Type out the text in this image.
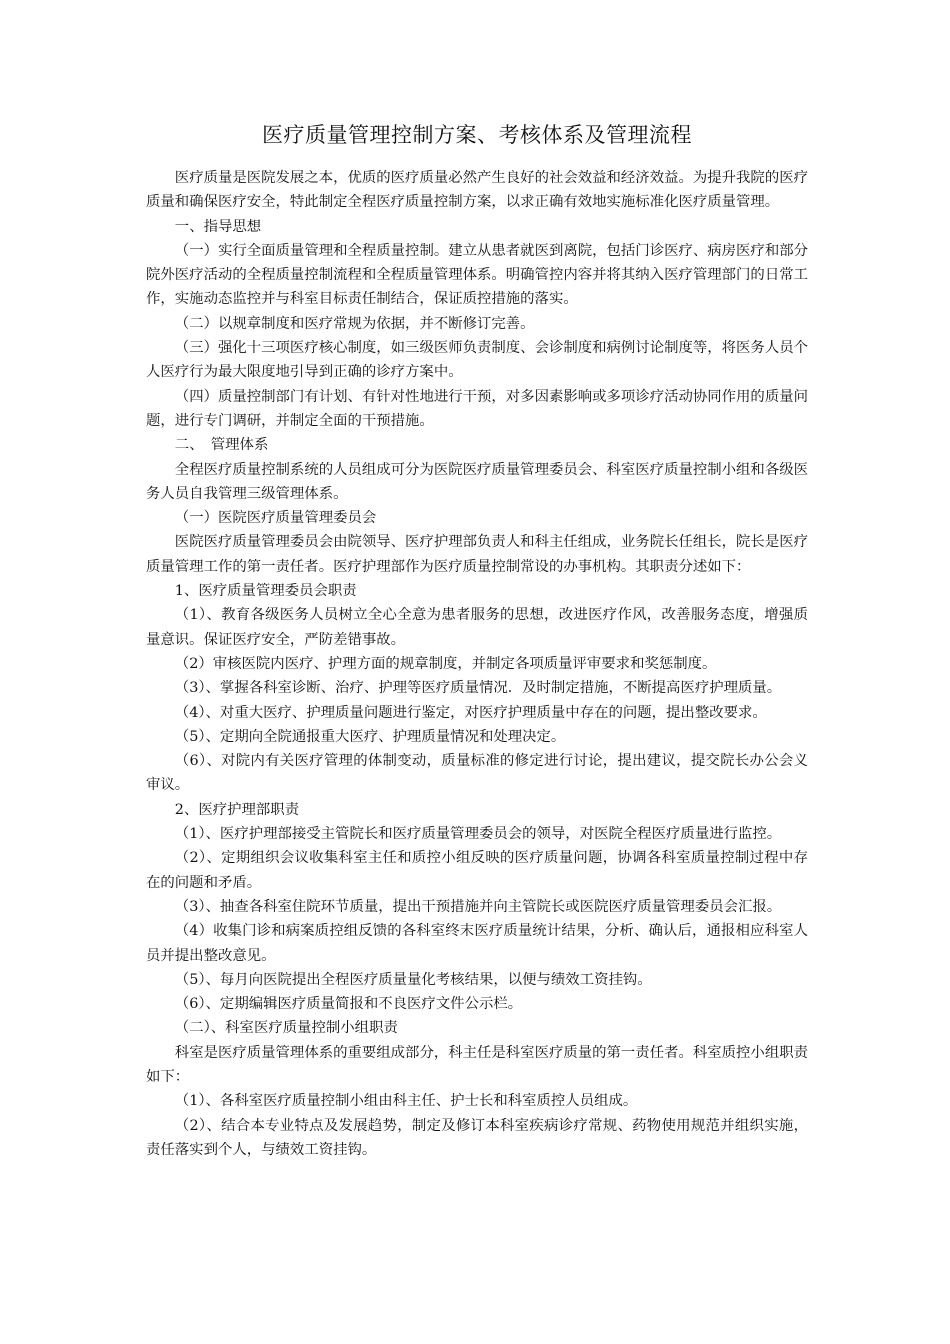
医疗质量管理控制方案、考核体系及管理流程

医疗质量是医院发展之本，优质的医疗质量必然产生良好的社会效益和经济效益。为提升我院的医疗质量和确保医疗安全，特此制定全程医疗质量控制方案，以求正确有效地实施标准化医疗质量管理。

一、指导思想

（一）实行全面质量管理和全程质量控制。建立从患者就医到离院，包括门诊医疗、病房医疗和部分院外医疗活动的全程质量控制流程和全程质量管理体系。明确管控内容并将其纳入医疗管理部门的日常工作，实施动态监控并与科室目标责任制结合，保证质控措施的落实。

（二）以规章制度和医疗常规为依据，并不断修订完善。

（三）强化十三项医疗核心制度，如三级医师负责制度、会诊制度和病例讨论制度等，将医务人员个人医疗行为最大限度地引导到正确的诊疗方案中。

（四）质量控制部门有计划、有针对性地进行干预，对多因素影响或多项诊疗活动协同作用的质量问题，进行专门调研，并制定全面的干预措施。

二、　管理体系

全程医疗质量控制系统的人员组成可分为医院医疗质量管理委员会、科室医疗质量控制小组和各级医务人员自我管理三级管理体系。

（一）医院医疗质量管理委员会

医院医疗质量管理委员会由院领导、医疗护理部负责人和科主任组成，业务院长任组长，院长是医疗质量管理工作的第一责任者。医疗护理部作为医疗质量控制常设的办事机构。其职责分述如下：

1、医疗质量管理委员会职责

（1）、教育各级医务人员树立全心全意为患者服务的思想，改进医疗作风，改善服务态度，增强质量意识。保证医疗安全，严防差错事故。

（2）审核医院内医疗、护理方面的规章制度，并制定各项质量评审要求和奖惩制度。

（3）、掌握各科室诊断、治疗、护理等医疗质量情况．及时制定措施，不断提高医疗护理质量。

（4）、对重大医疗、护理质量问题进行鉴定，对医疗护理质量中存在的问题，提出整改要求。

（5）、定期向全院通报重大医疗、护理质量情况和处理决定。

（6）、对院内有关医疗管理的体制变动，质量标准的修定进行讨论，提出建议，提交院长办公会义审议。

2、医疗护理部职责

（1）、医疗护理部接受主管院长和医疗质量管理委员会的领导，对医院全程医疗质量进行监控。

（2）、定期组织会议收集科室主任和质控小组反映的医疗质量问题，协调各科室质量控制过程中存在的问题和矛盾。

（3）、抽查各科室住院环节质量，提出干预措施并向主管院长或医院医疗质量管理委员会汇报。

（4）收集门诊和病案质控组反馈的各科室终末医疗质量统计结果，分析、确认后，通报相应科室人员并提出整改意见。

（5）、每月向医院提出全程医疗质量量化考核结果，以便与绩效工资挂钩。

（6）、定期编辑医疗质量简报和不良医疗文件公示栏。

（二）、科室医疗质量控制小组职责

科室是医疗质量管理体系的重要组成部分，科主任是科室医疗质量的第一责任者。科室质控小组职责如下：

（1）、各科室医疗质量控制小组由科主任、护士长和科室质控人员组成。

（2）、结合本专业特点及发展趋势，制定及修订本科室疾病诊疗常规、药物使用规范并组织实施，责任落实到个人，与绩效工资挂钩。
